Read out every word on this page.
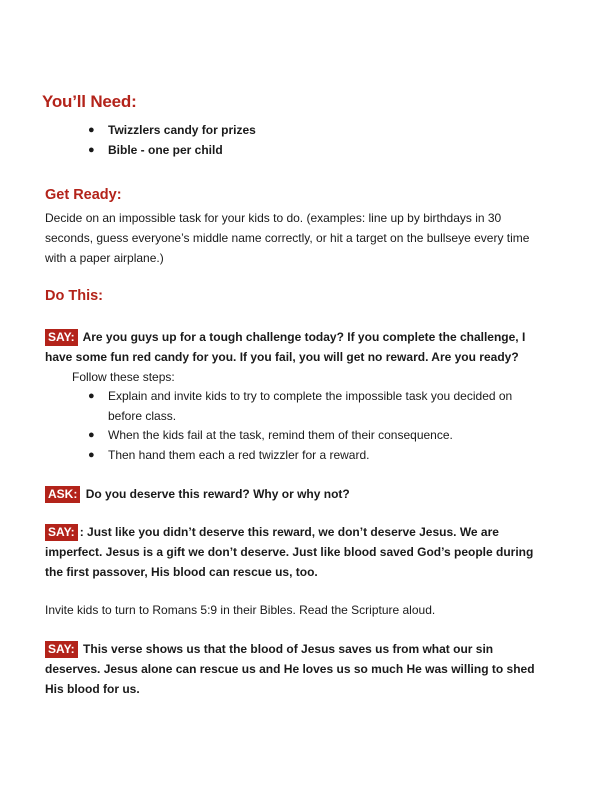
You’ll Need:
● Twizzlers candy for prizes
● Bible - one per child
Get Ready:

Decide on an impossible task for your kids to do. (examples: line up by birthdays in 30 seconds, guess everyone’s middle name correctly, or hit a target on the bullseye every time with a paper airplane.)

Do This:

SAY: Are you guys up for a tough challenge today? If you complete the challenge, I have some fun red candy for you. If you fail, you will get no reward. Are you ready?

Follow these steps:
● Explain and invite kids to try to complete the impossible task you decided on before class.
● When the kids fail at the task, remind them of their consequence.
● Then hand them each a red twizzler for a reward.

ASK: Do you deserve this reward? Why or why not?

SAY: : Just like you didn’t deserve this reward, we don’t deserve Jesus. We are imperfect. Jesus is a gift we don’t deserve. Just like blood saved God’s people during the first passover, His blood can rescue us, too.

Invite kids to turn to Romans 5:9 in their Bibles. Read the Scripture aloud.

SAY: This verse shows us that the blood of Jesus saves us from what our sin deserves. Jesus alone can rescue us and He loves us so much He was willing to shed His blood for us.
